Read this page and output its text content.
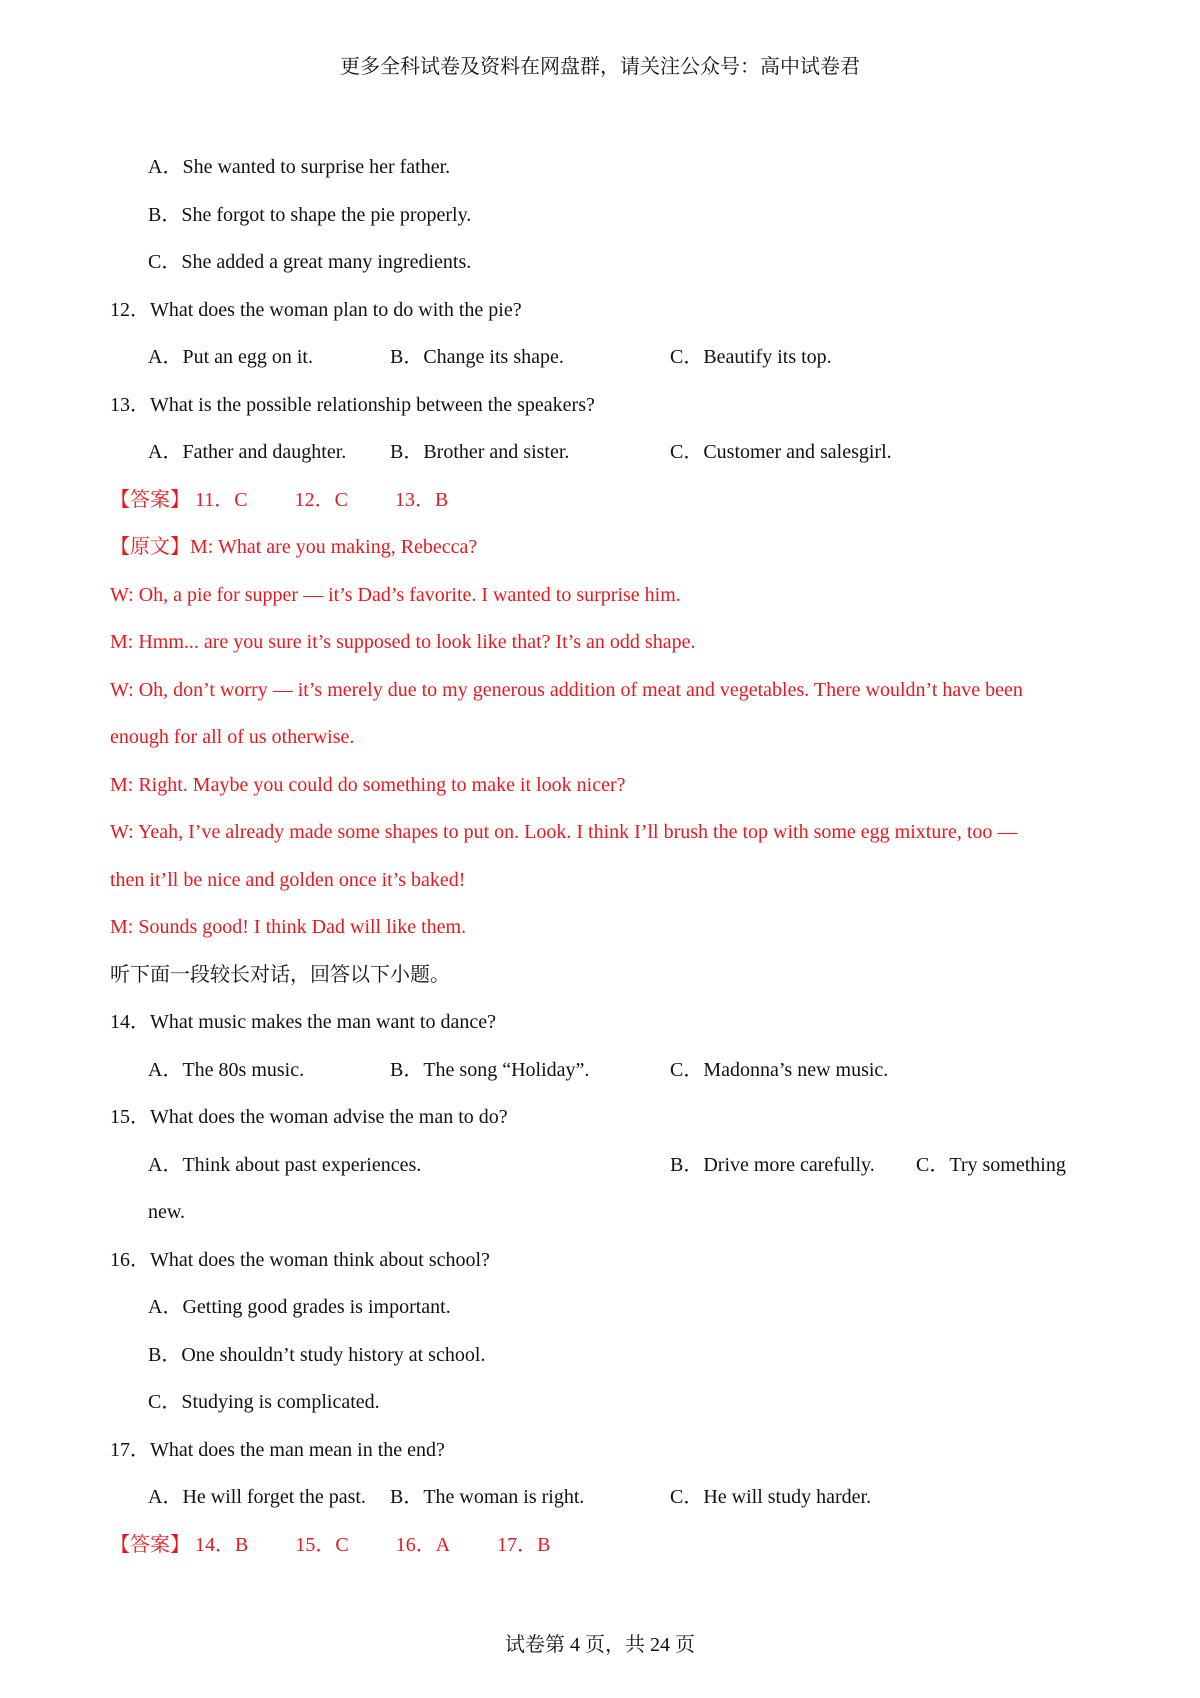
更多全科试卷及资料在网盘群，请关注公众号：高中试卷君
A．She wanted to surprise her father.
B．She forgot to shape the pie properly.
C．She added a great many ingredients.
12．What does the woman plan to do with the pie?
A．Put an egg on it.	B．Change its shape.	C．Beautify its top.
13．What is the possible relationship between the speakers?
A．Father and daughter.	B．Brother and sister.	C．Customer and salesgirl.
【答案】 11．C 12．C 13．B
【原文】M: What are you making, Rebecca?
W: Oh, a pie for supper — it’s Dad’s favorite. I wanted to surprise him.
M: Hmm... are you sure it’s supposed to look like that? It’s an odd shape.
W: Oh, don’t worry — it’s merely due to my generous addition of meat and vegetables. There wouldn’t have been
enough for all of us otherwise.
M: Right. Maybe you could do something to make it look nicer?
W: Yeah, I’ve already made some shapes to put on. Look. I think I’ll brush the top with some egg mixture, too —
then it’ll be nice and golden once it’s baked!
M: Sounds good! I think Dad will like them.
听下面一段较长对话，回答以下小题。
14．What music makes the man want to dance?
A．The 80s music.	B．The song “Holiday”.	C．Madonna’s new music.
15．What does the woman advise the man to do?
A．Think about past experiences.	B．Drive more carefully.	C．Try something
new.
16．What does the woman think about school?
A．Getting good grades is important.
B．One shouldn’t study history at school.
C．Studying is complicated.
17．What does the man mean in the end?
A．He will forget the past.	B．The woman is right.	C．He will study harder.
【答案】 14．B 15．C 16．A 17．B
试卷第 4 页，共 24 页
